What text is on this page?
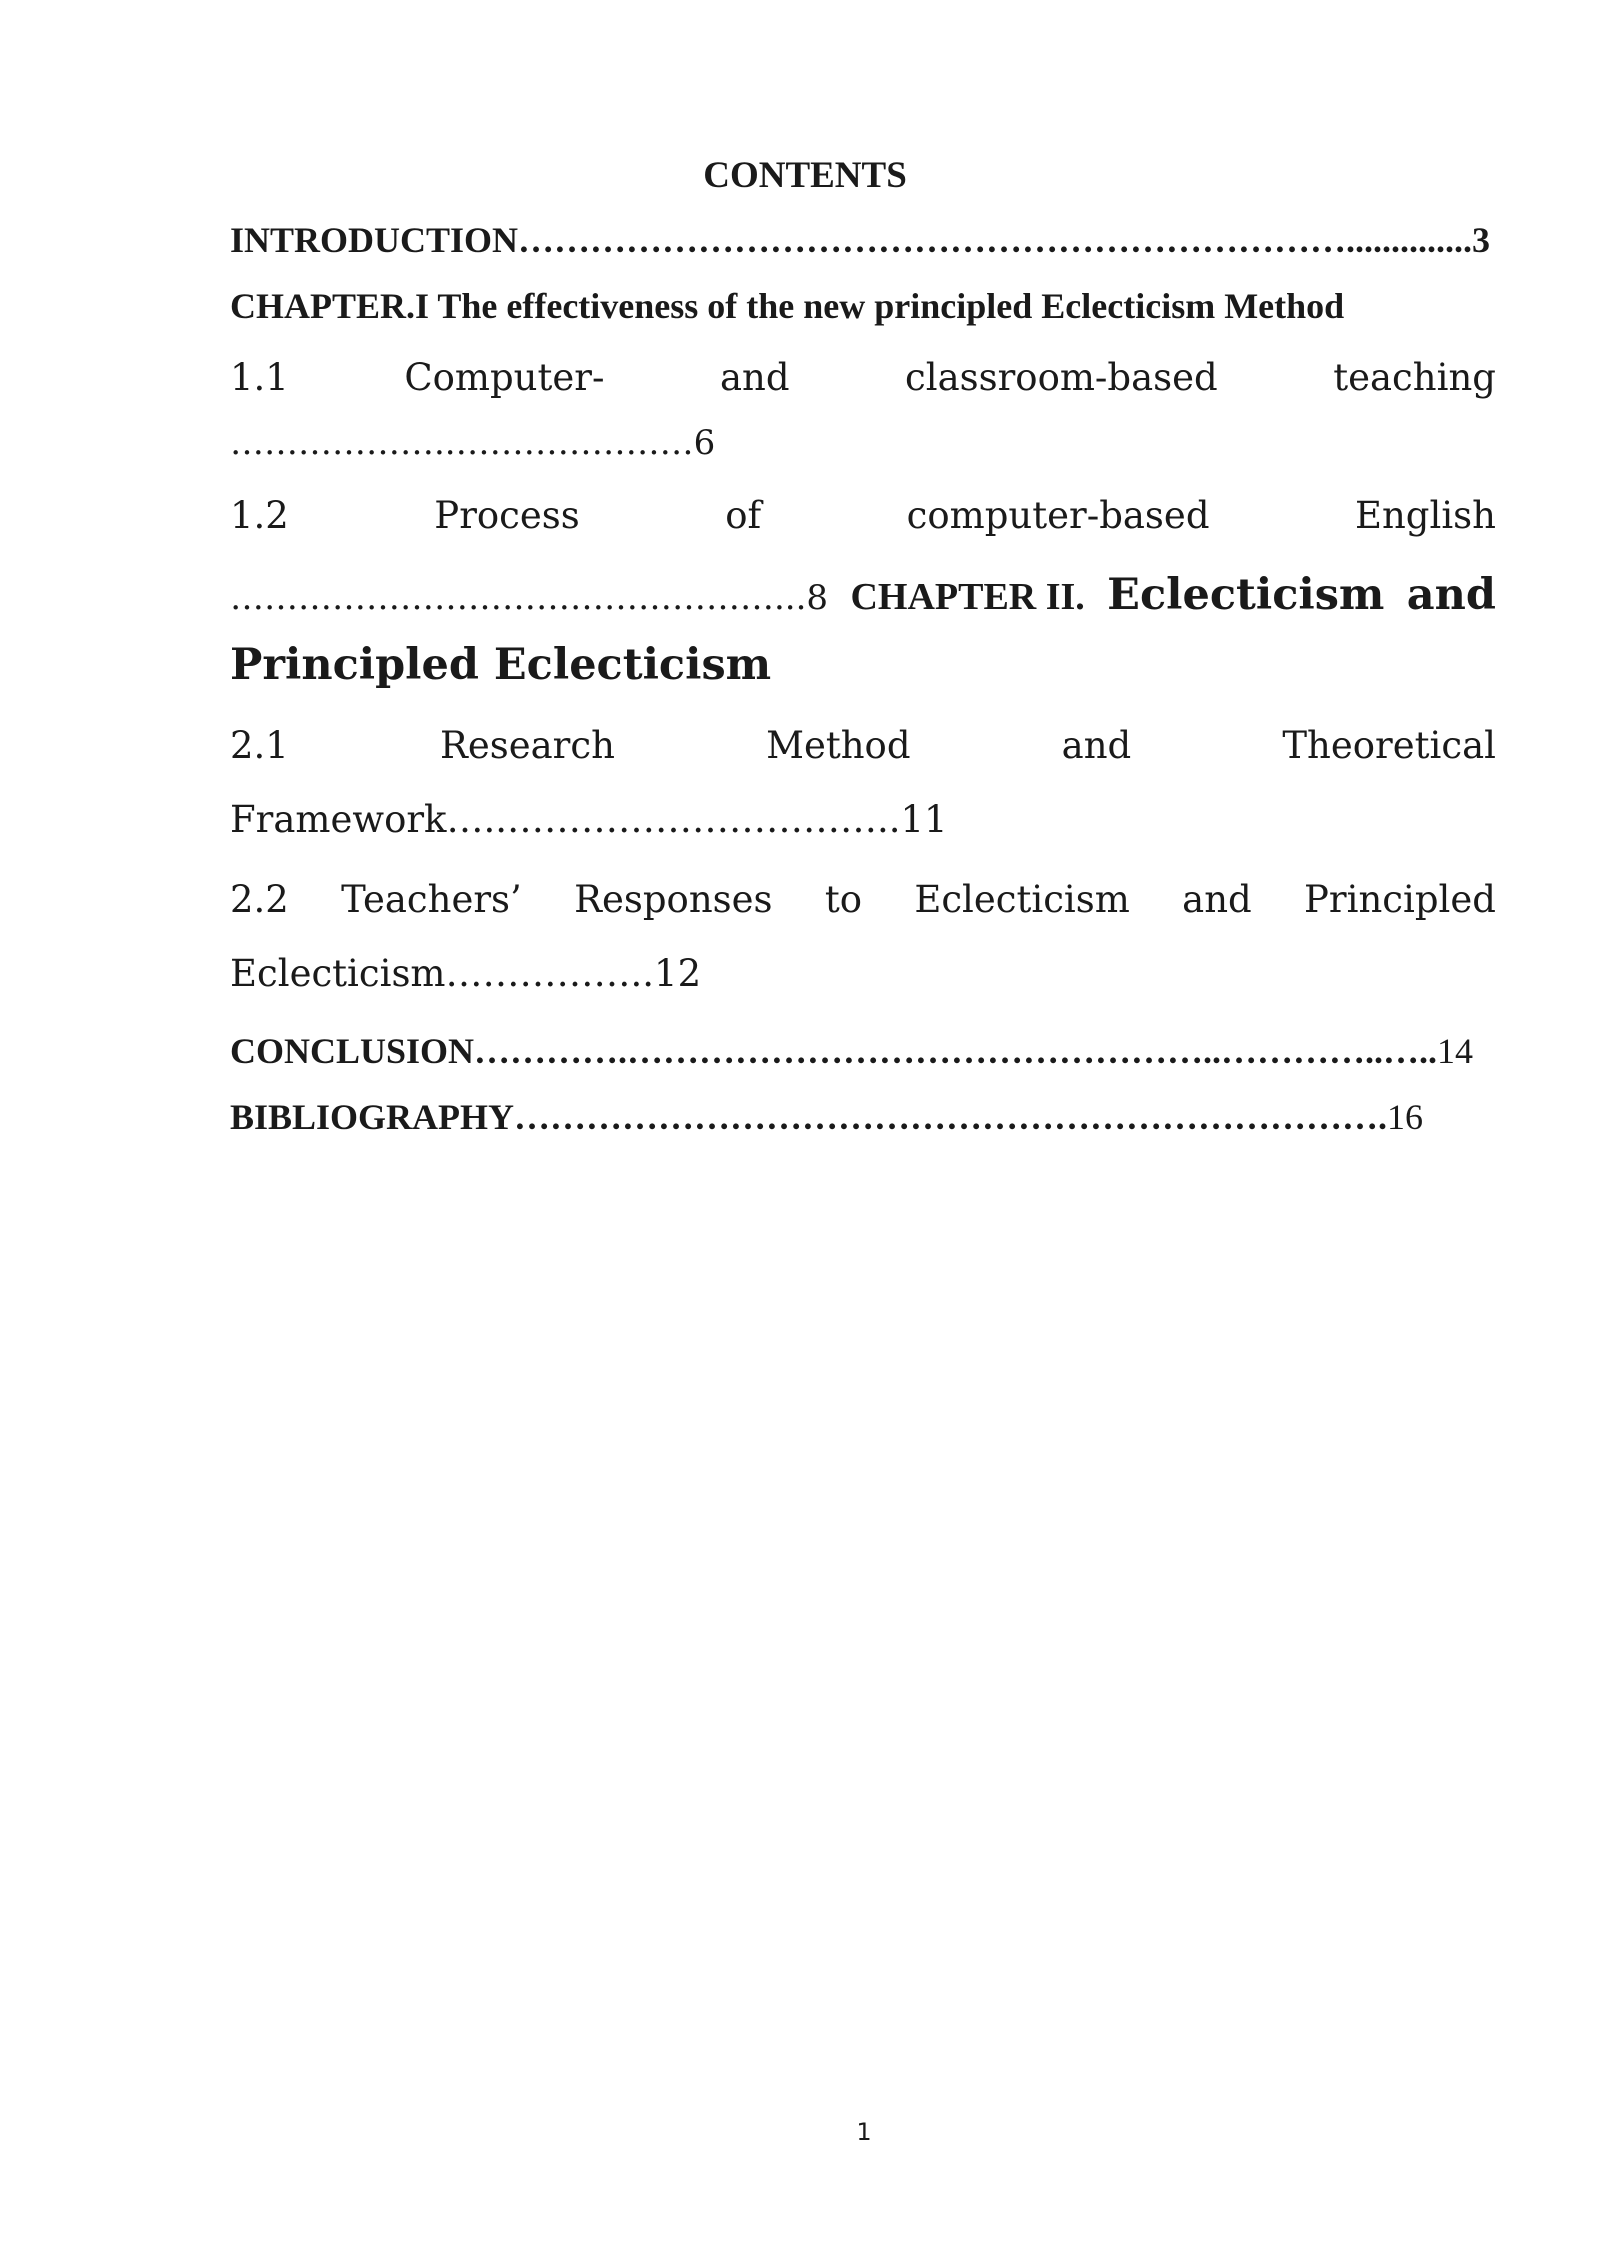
CONTENTS
INTRODUCTION……………………………………………………………..............3
CHAPTER.I The effectiveness of the new principled Eclecticism Method
1.1	Computer-	and	classroom-based	teaching
………………..…………………6
1.2	Process	of	computer-based	English
…………………………………………...8 CHAPTER II. Eclecticism and
Principled Eclecticism
2.1	Research	Method	and	Theoretical
Framework…..…………………………..11
2.2 Teachers’ Responses to Eclecticism and Principled
Eclecticism……………..12
CONCLUSION………….…………………………………………..…………..…..14
BIBLIOGRAPHY……………………………………………………………….16
1
